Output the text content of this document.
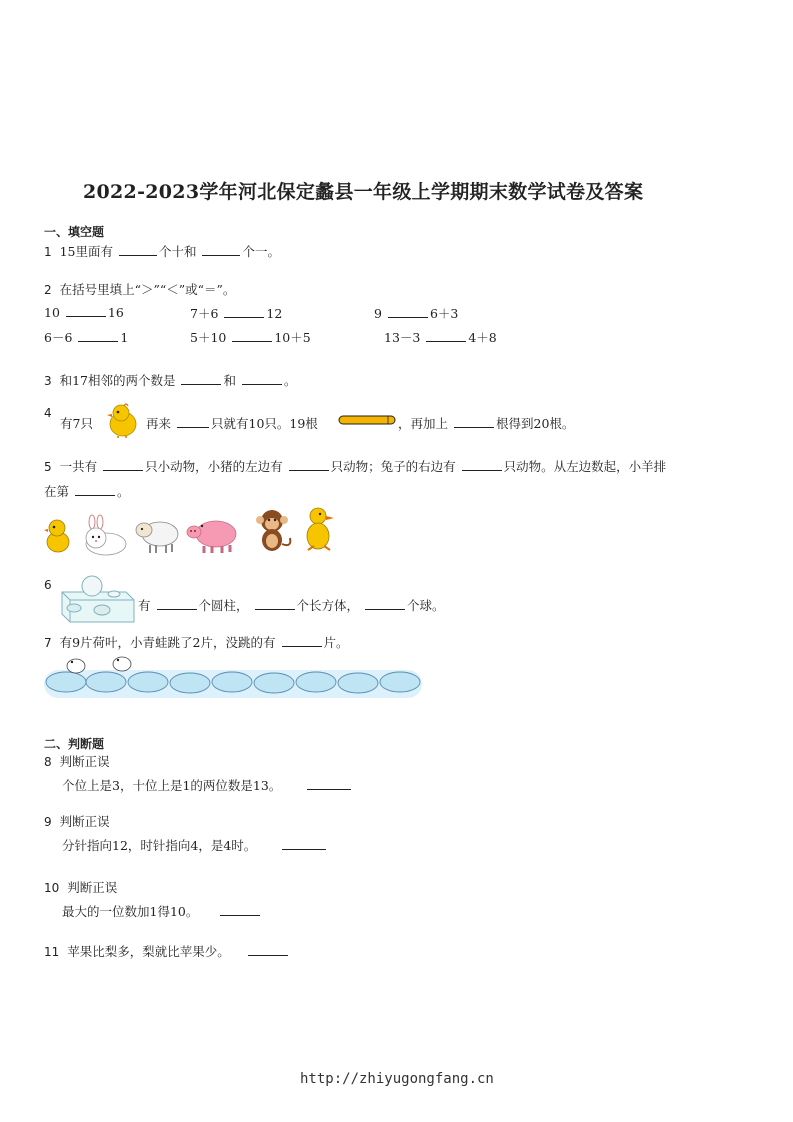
2022-2023学年河北保定蠡县一年级上学期期末数学试卷及答案
一、填空题
1 15里面有	个十和	个一。
2 在括号里填上“＞”“＜”或“＝”。
10	16	7＋6	12	9	6＋3
6－6	1	5＋10	10＋5	13－3	4＋8
3 和17相邻的两个数是	和	。
4
有7只	再来	只就有10只。19根	，再加上	根得到20根。
5 一共有	只小动物，小猪的左边有	只动物；兔子的右边有	只动物。从左边数起，小羊排
在第	。
6
有	个圆柱，	个长方体，	个球。
7 有9片荷叶，小青蛙跳了2片，没跳的有	片。
二、判断题
8 判断正误
个位上是3，十位上是1的两位数是13。
9 判断正误
分针指向12，时针指向4，是4时。
10 判断正误
最大的一位数加1得10。
11 苹果比梨多，梨就比苹果少。
http://zhiyugongfang.cn
